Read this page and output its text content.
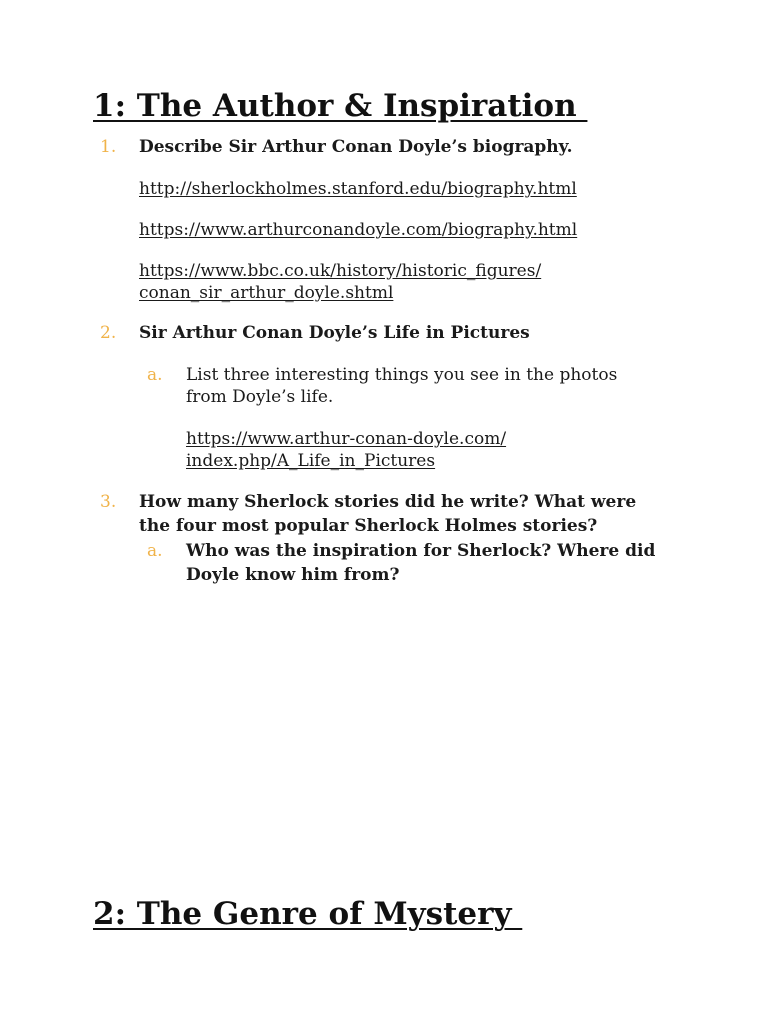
1: The Author & Inspiration
1. Describe Sir Arthur Conan Doyle’s biography.
http://sherlockholmes.stanford.edu/biography.html
https://www.arthurconandoyle.com/biography.html
https://www.bbc.co.uk/history/historic_figures/ conan_sir_arthur_doyle.shtml
2. Sir Arthur Conan Doyle’s Life in Pictures
a. List three interesting things you see in the photos from Doyle’s life.
https://www.arthur-conan-doyle.com/ index.php/A_Life_in_Pictures
3. How many Sherlock stories did he write? What were the four most popular Sherlock Holmes stories?
a. Who was the inspiration for Sherlock? Where did Doyle know him from?
2: The Genre of Mystery
